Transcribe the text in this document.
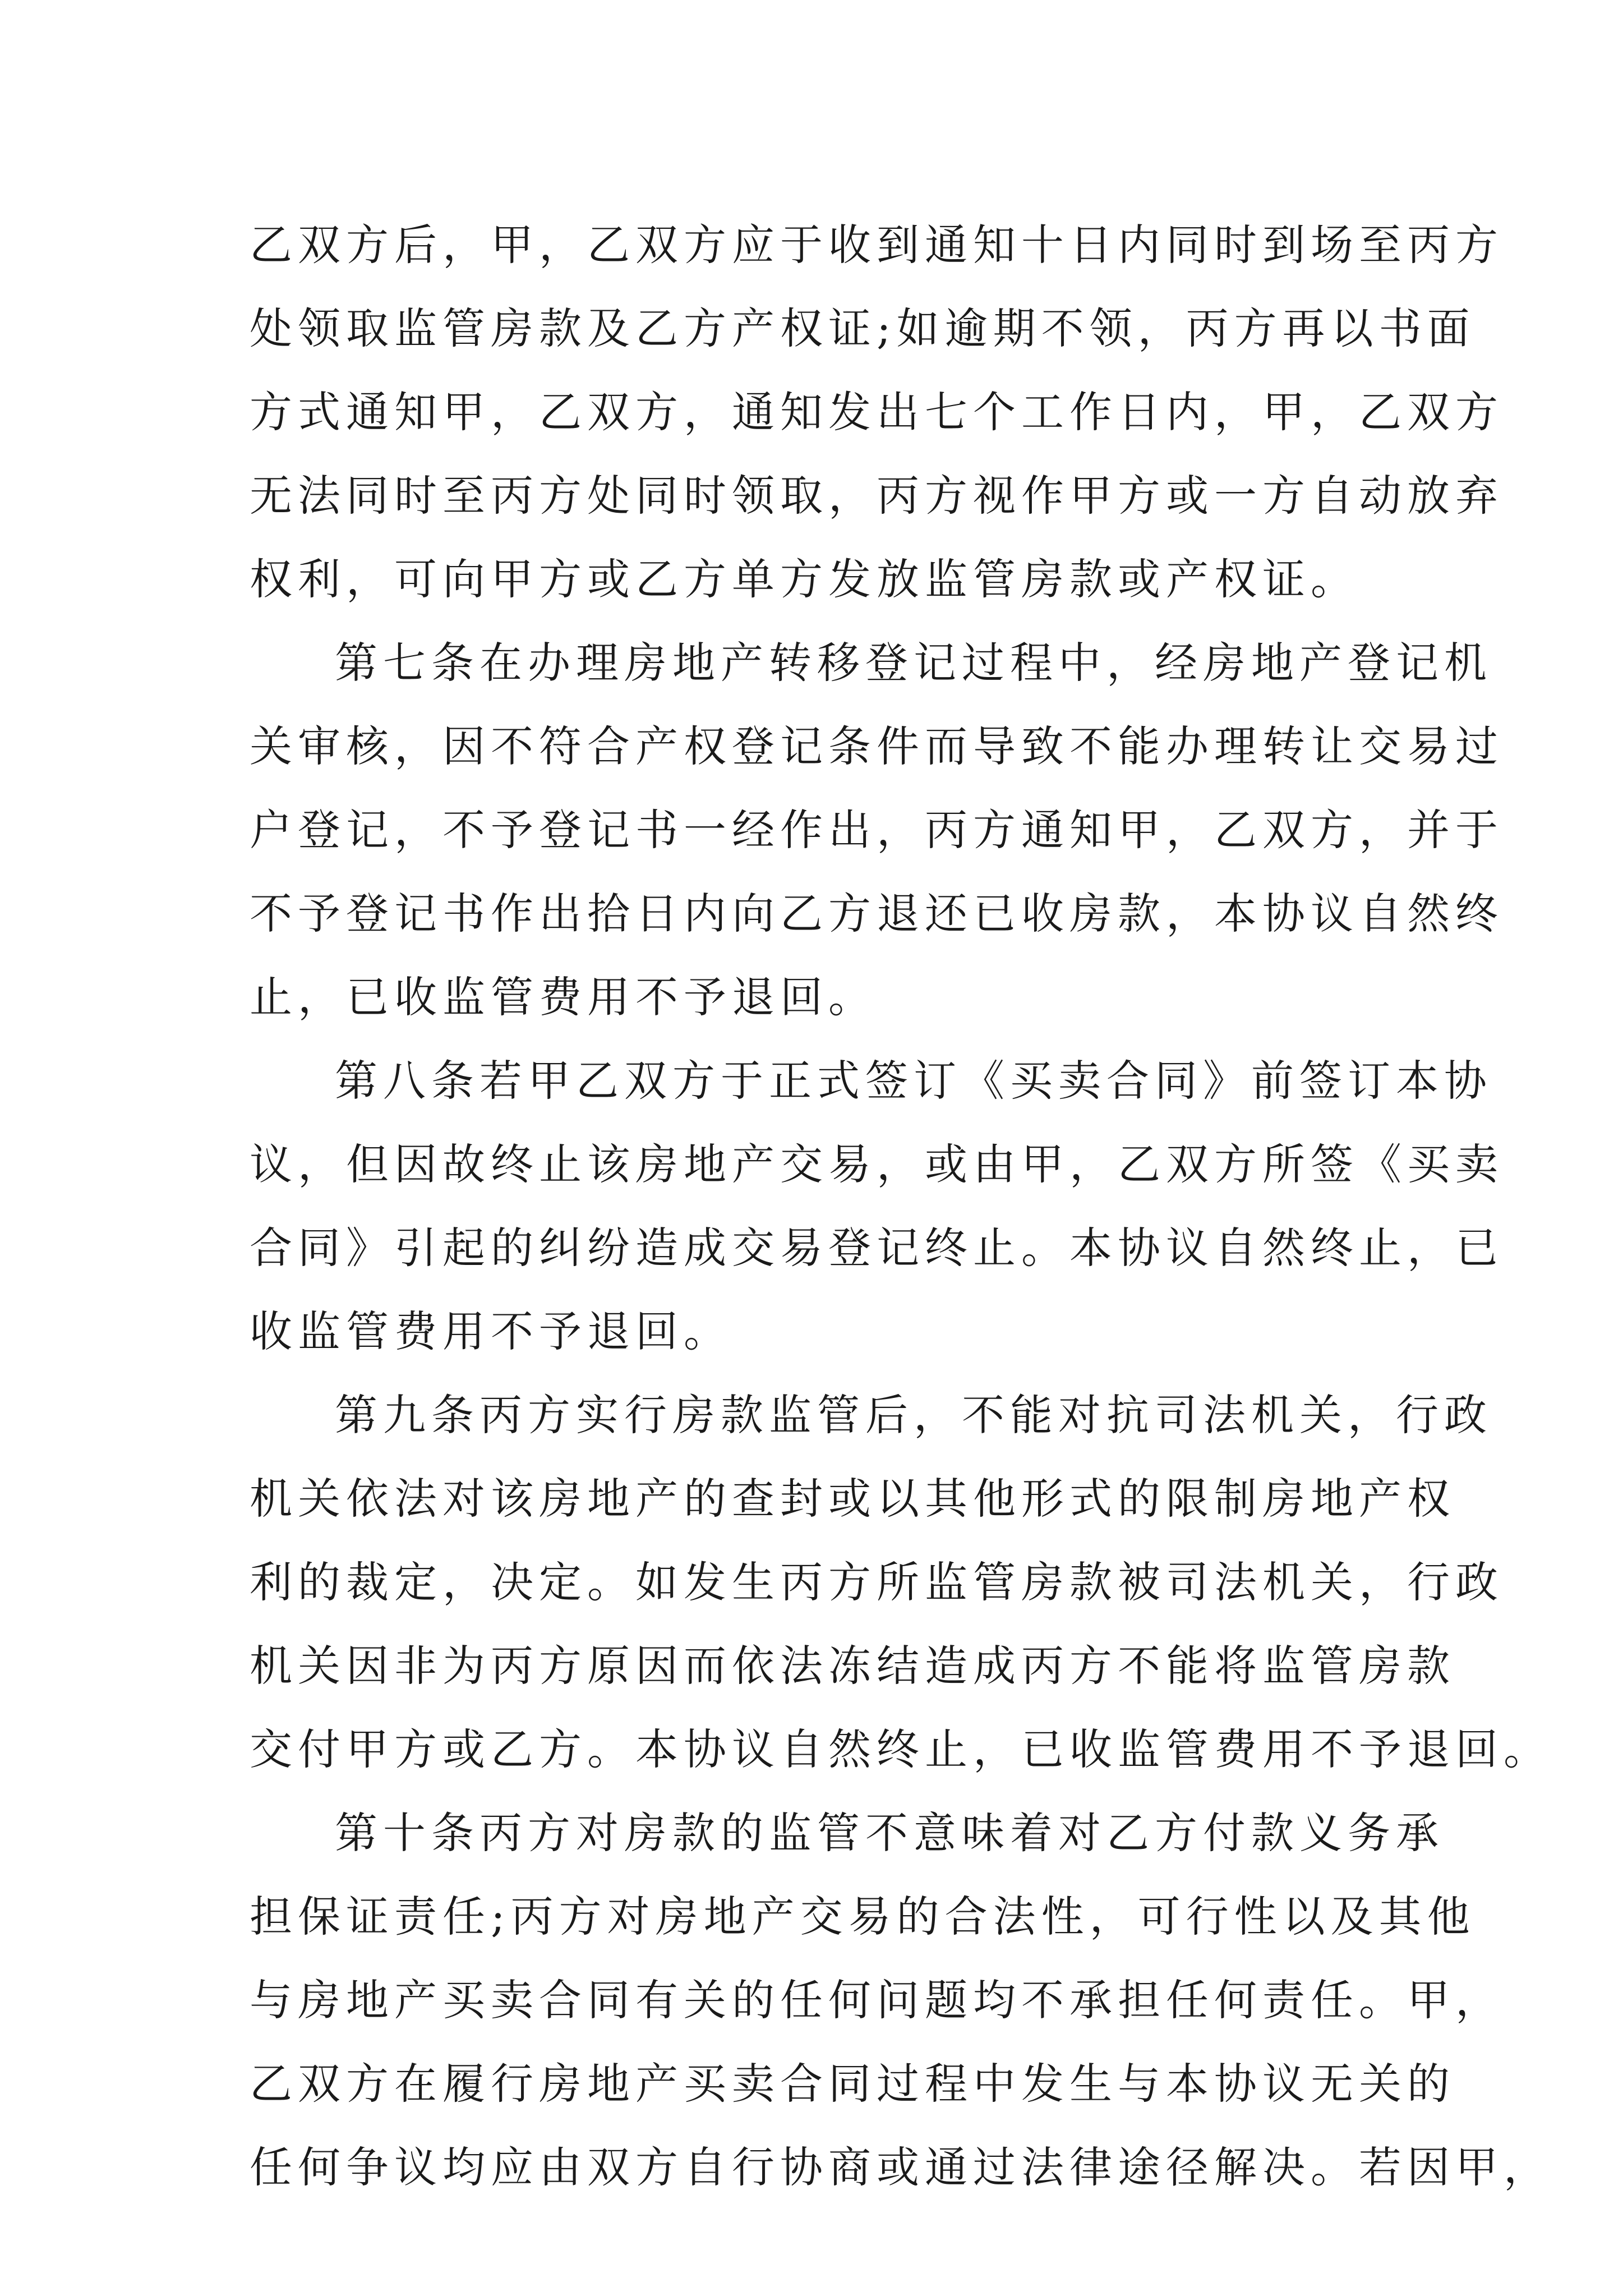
乙双方后，甲，乙双方应于收到通知十日内同时到场至丙方
处领取监管房款及乙方产权证;如逾期不领，丙方再以书面
方式通知甲，乙双方，通知发出七个工作日内，甲，乙双方
无法同时至丙方处同时领取，丙方视作甲方或一方自动放弃
权利，可向甲方或乙方单方发放监管房款或产权证。
第七条在办理房地产转移登记过程中，经房地产登记机
关审核，因不符合产权登记条件而导致不能办理转让交易过
户登记，不予登记书一经作出，丙方通知甲，乙双方，并于
不予登记书作出拾日内向乙方退还已收房款，本协议自然终
止，已收监管费用不予退回。
第八条若甲乙双方于正式签订《买卖合同》前签订本协
议，但因故终止该房地产交易，或由甲，乙双方所签《买卖
合同》引起的纠纷造成交易登记终止。本协议自然终止，已
收监管费用不予退回。
第九条丙方实行房款监管后，不能对抗司法机关，行政
机关依法对该房地产的查封或以其他形式的限制房地产权
利的裁定，决定。如发生丙方所监管房款被司法机关，行政
机关因非为丙方原因而依法冻结造成丙方不能将监管房款
交付甲方或乙方。本协议自然终止，已收监管费用不予退回。
第十条丙方对房款的监管不意味着对乙方付款义务承
担保证责任;丙方对房地产交易的合法性，可行性以及其他
与房地产买卖合同有关的任何问题均不承担任何责任。甲，
乙双方在履行房地产买卖合同过程中发生与本协议无关的
任何争议均应由双方自行协商或通过法律途径解决。若因甲，
